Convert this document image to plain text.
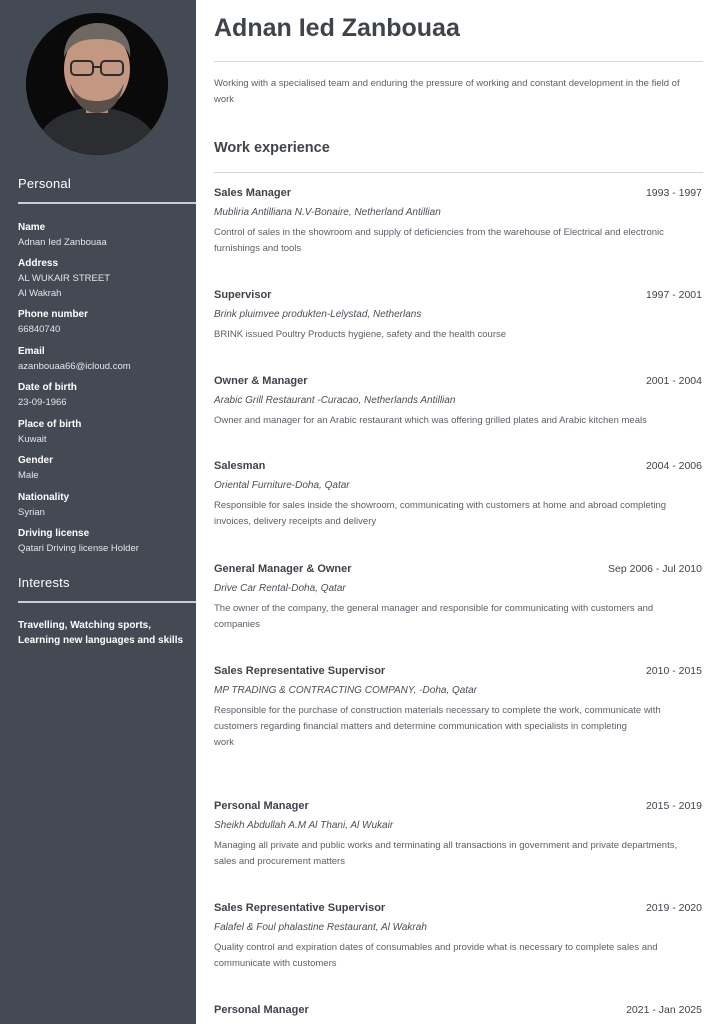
Personal
Name
Adnan Ied Zanbouaa
Address
AL WUKAIR STREET
Al Wakrah
Phone number
66840740
Email
azanbouaa66@icloud.com
Date of birth
23-09-1966
Place of birth
Kuwait
Gender
Male
Nationality
Syrian
Driving license
Qatari Driving license Holder
Interests
Travelling, Watching sports, Learning new languages and skills
Adnan Ied Zanbouaa

Working with a specialised team and enduring the pressure of working and constant development in the field of work

Work experience
Sales Manager	1993 - 1997
Mubliria Antilliana N.V-Bonaire, Netherland Antillian
Control of sales in the showroom and supply of deficiencies from the warehouse of Electrical and electronic furnishings and tools
Supervisor	1997 - 2001
Brink pluimvee produkten-Lelystad, Netherlans
BRINK issued Poultry Products hygiene, safety and the health course
Owner & Manager	2001 - 2004
Arabic Grill Restaurant -Curacao, Netherlands Antillian
Owner and manager for an Arabic restaurant which was offering grilled plates and Arabic kitchen meals
Salesman	2004 - 2006
Oriental Furniture-Doha, Qatar
Responsible for sales inside the showroom, communicating with customers at home and abroad completing invoices, delivery receipts and delivery
General Manager & Owner	Sep 2006 - Jul 2010
Drive Car Rental-Doha, Qatar
The owner of the company, the general manager and responsible for communicating with customers and companies
Sales Representative Supervisor	2010 - 2015
MP TRADING & CONTRACTING COMPANY, -Doha, Qatar
Responsible for the purchase of construction materials necessary to complete the work, communicate with customers regarding financial matters and determine communication with specialists in completing
work
Personal Manager	2015 - 2019
Sheikh Abdullah A.M Al Thani, Al Wukair
Managing all private and public works and terminating all transactions in government and private departments, sales and procurement matters
Sales Representative Supervisor	2019 - 2020
Falafel & Foul phalastine Restaurant, Al Wakrah
Quality control and expiration dates of consumables and provide what is necessary to complete sales and communicate with customers
Personal Manager	2021 - Jan 2025
